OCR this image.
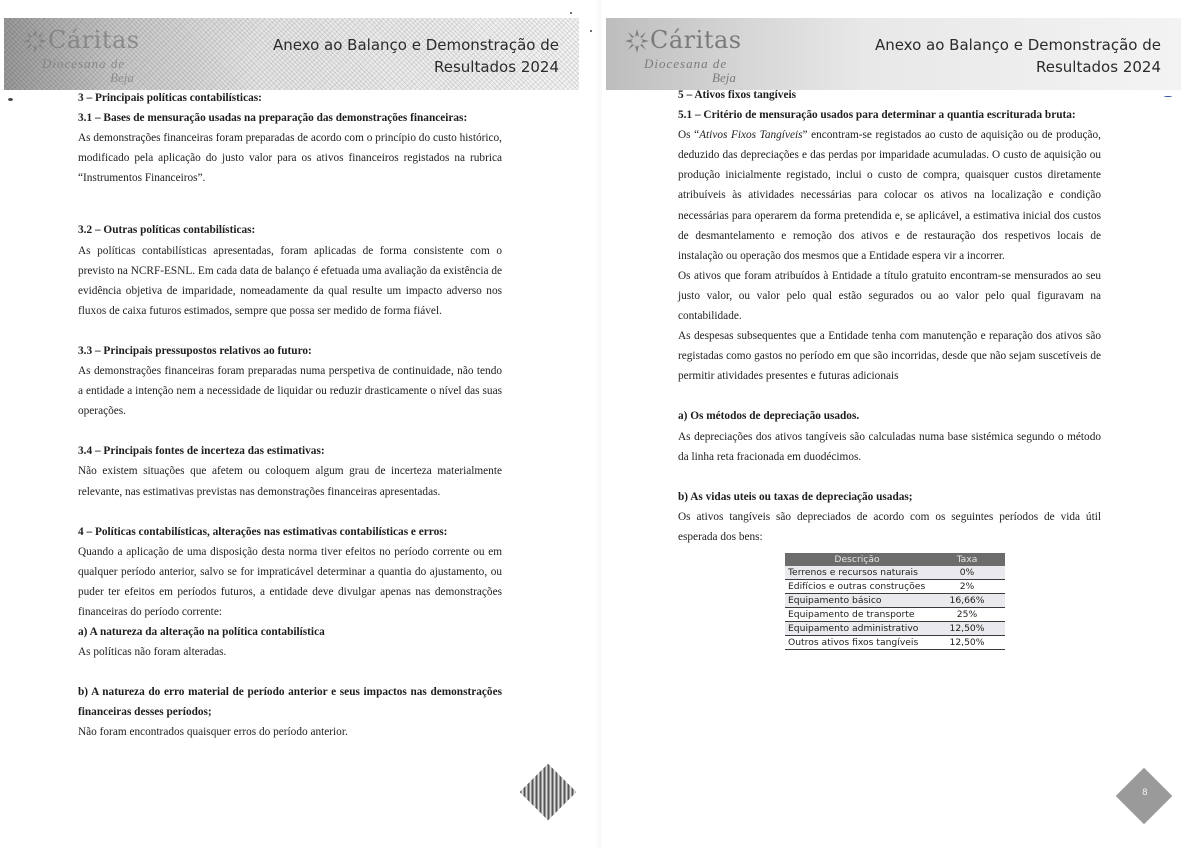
Cáritas
Diocesana de
Beja
Anexo ao Balanço e Demonstração de
Resultados 2024

3 – Principais políticas contabilísticas:

3.1 – Bases de mensuração usadas na preparação das demonstrações financeiras:

As demonstrações financeiras foram preparadas de acordo com o princípio do custo histórico, modificado pela aplicação do justo valor para os ativos financeiros registados na rubrica “Instrumentos Financeiros”.

3.2 – Outras políticas contabilísticas:

As políticas contabilísticas apresentadas, foram aplicadas de forma consistente com o previsto na NCRF-ESNL. Em cada data de balanço é efetuada uma avaliação da existência de evidência objetiva de imparidade, nomeadamente da qual resulte um impacto adverso nos fluxos de caixa futuros estimados, sempre que possa ser medido de forma fiável.

3.3 – Principais pressupostos relativos ao futuro:

As demonstrações financeiras foram preparadas numa perspetiva de continuidade, não tendo a entidade a intenção nem a necessidade de liquidar ou reduzir drasticamente o nível das suas operações.

3.4 – Principais fontes de incerteza das estimativas:

Não existem situações que afetem ou coloquem algum grau de incerteza materialmente relevante, nas estimativas previstas nas demonstrações financeiras apresentadas.

4 – Políticas contabilísticas, alterações nas estimativas contabilísticas e erros:

Quando a aplicação de uma disposição desta norma tiver efeitos no período corrente ou em qualquer período anterior, salvo se for impraticável determinar a quantia do ajustamento, ou puder ter efeitos em períodos futuros, a entidade deve divulgar apenas nas demonstrações financeiras do período corrente:

a) A natureza da alteração na política contabilística

As políticas não foram alteradas.

b) A natureza do erro material de período anterior e seus impactos nas demonstrações financeiras desses períodos;

Não foram encontrados quaisquer erros do período anterior.

Cáritas
Diocesana de
Beja
Anexo ao Balanço e Demonstração de
Resultados 2024

5 – Ativos fixos tangíveis

5.1 – Critério de mensuração usados para determinar a quantia escriturada bruta:

Os “Ativos Fixos Tangíveis” encontram-se registados ao custo de aquisição ou de produção, deduzido das depreciações e das perdas por imparidade acumuladas. O custo de aquisição ou produção inicialmente registado, inclui o custo de compra, quaisquer custos diretamente atribuíveis às atividades necessárias para colocar os ativos na localização e condição necessárias para operarem da forma pretendida e, se aplicável, a estimativa inicial dos custos de desmantelamento e remoção dos ativos e de restauração dos respetivos locais de instalação ou operação dos mesmos que a Entidade espera vir a incorrer.

Os ativos que foram atribuídos à Entidade a título gratuito encontram-se mensurados ao seu justo valor, ou valor pelo qual estão segurados ou ao valor pelo qual figuravam na contabilidade.

As despesas subsequentes que a Entidade tenha com manutenção e reparação dos ativos são registadas como gastos no período em que são incorridas, desde que não sejam suscetíveis de permitir atividades presentes e futuras adicionais

a) Os métodos de depreciação usados.

As depreciações dos ativos tangíveis são calculadas numa base sistémica segundo o método da linha reta fracionada em duodécimos.

b) As vidas uteis ou taxas de depreciação usadas;

Os ativos tangíveis são depreciados de acordo com os seguintes períodos de vida útil esperada dos bens:

Descrição	Taxa
Terrenos e recursos naturais	0%
Edifícios e outras construções	2%
Equipamento básico	16,66%
Equipamento de transporte	25%
Equipamento administrativo	12,50%
Outros ativos fixos tangíveis	12,50%
8
